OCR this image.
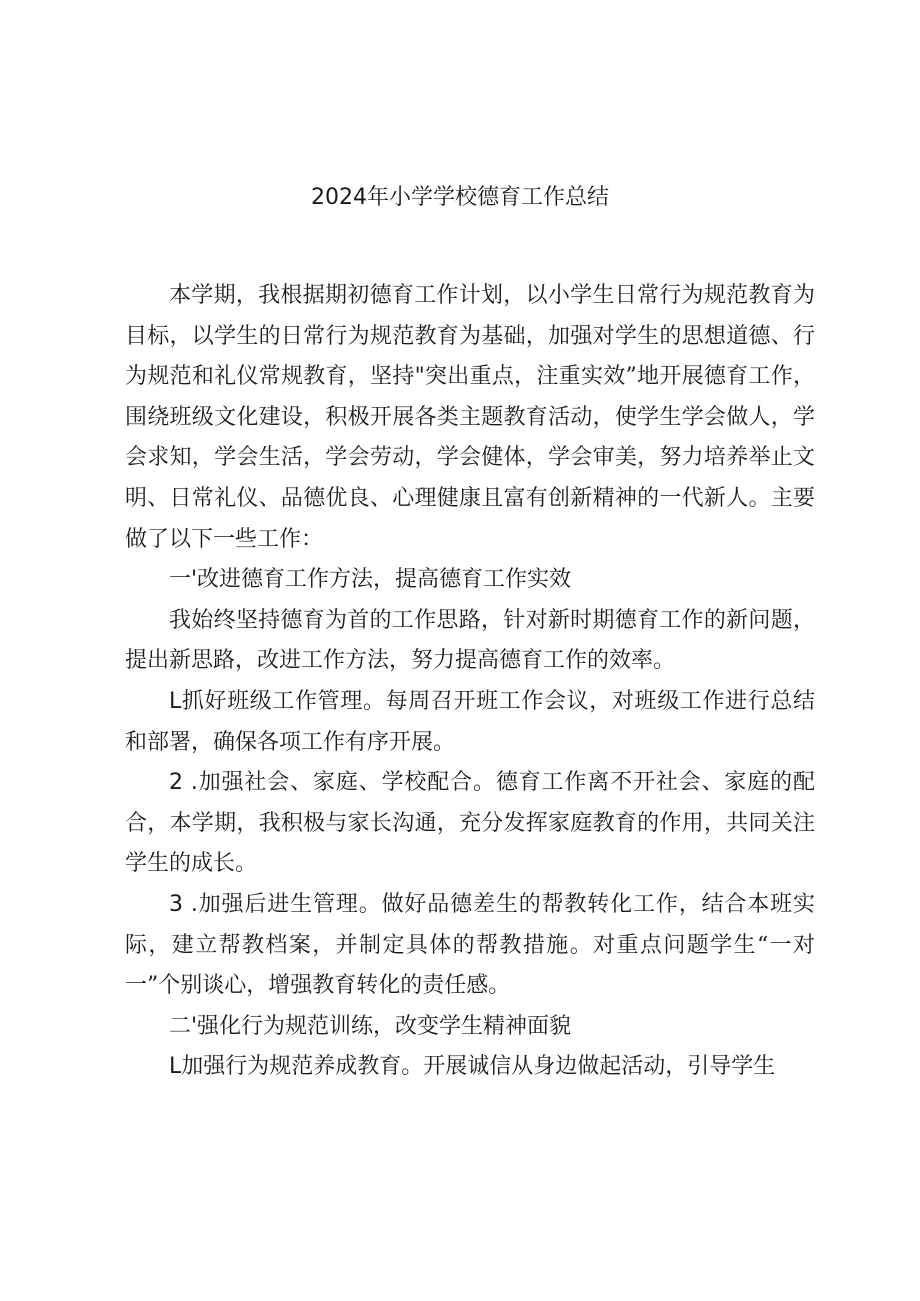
2024年小学学校德育工作总结

本学期，我根据期初德育工作计划，以小学生日常行为规范教育为目标，以学生的日常行为规范教育为基础，加强对学生的思想道德、行为规范和礼仪常规教育，坚持"突出重点，注重实效”地开展德育工作，围绕班级文化建设，积极开展各类主题教育活动，使学生学会做人，学会求知，学会生活，学会劳动，学会健体，学会审美，努力培养举止文明、日常礼仪、品德优良、心理健康且富有创新精神的一代新人。主要做了以下一些工作：

一'改进德育工作方法，提高德育工作实效

我始终坚持德育为首的工作思路，针对新时期德育工作的新问题，提出新思路，改进工作方法，努力提高德育工作的效率。

L抓好班级工作管理。每周召开班工作会议，对班级工作进行总结和部署，确保各项工作有序开展。

2 .加强社会、家庭、学校配合。德育工作离不开社会、家庭的配合，本学期，我积极与家长沟通，充分发挥家庭教育的作用，共同关注学生的成长。

3 .加强后进生管理。做好品德差生的帮教转化工作，结合本班实际，建立帮教档案，并制定具体的帮教措施。对重点问题学生“一对一”个别谈心，增强教育转化的责任感。

二'强化行为规范训练，改变学生精神面貌

L加强行为规范养成教育。开展诚信从身边做起活动，引导学生
